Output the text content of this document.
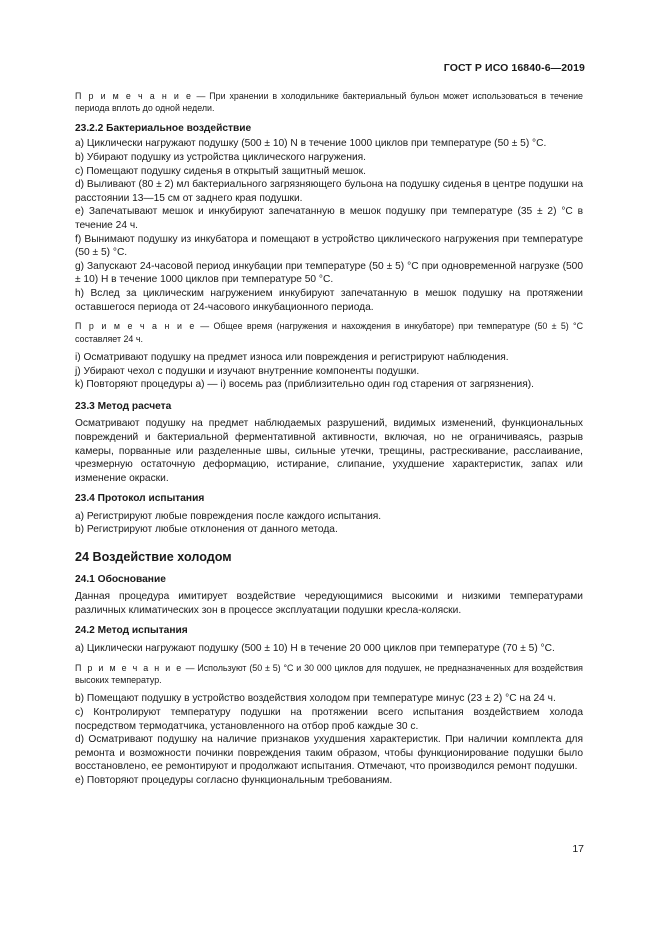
ГОСТ Р ИСО 16840-6—2019

П р и м е ч а н и е — При хранении в холодильнике бактериальный бульон может использоваться в течение периода вплоть до одной недели.

23.2.2 Бактериальное воздействие

а) Циклически нагружают подушку (500 ± 10) N в течение 1000 циклов при температуре (50 ± 5) °С.

b) Убирают подушку из устройства циклического нагружения.

c) Помещают подушку сиденья в открытый защитный мешок.

d) Выливают (80 ± 2) мл бактериального загрязняющего бульона на подушку сиденья в центре подушки на расстоянии 13—15 см от заднего края подушки.

e) Запечатывают мешок и инкубируют запечатанную в мешок подушку при температуре (35 ± 2) °С в течение 24 ч.

f) Вынимают подушку из инкубатора и помещают в устройство циклического нагружения при температуре (50 ± 5) °С.

g) Запускают 24-часовой период инкубации при температуре (50 ± 5) °С при одновременной нагрузке (500 ± 10) Н в течение 1000 циклов при температуре 50 °С.

h) Вслед за циклическим нагружением инкубируют запечатанную в мешок подушку на протяжении оставшегося периода от 24-часового инкубационного периода.

П р и м е ч а н и е — Общее время (нагружения и нахождения в инкубаторе) при температуре (50 ± 5) °С составляет 24 ч.

i) Осматривают подушку на предмет износа или повреждения и регистрируют наблюдения.

j) Убирают чехол с подушки и изучают внутренние компоненты подушки.

k) Повторяют процедуры а) — i) восемь раз (приблизительно один год старения от загрязнения).

23.3 Метод расчета

Осматривают подушку на предмет наблюдаемых разрушений, видимых изменений, функциональных повреждений и бактериальной ферментативной активности, включая, но не ограничиваясь, разрыв камеры, порванные или разделенные швы, сильные утечки, трещины, растрескивание, расслаивание, чрезмерную остаточную деформацию, истирание, слипание, ухудшение характеристик, запах или изменение окраски.

23.4 Протокол испытания

а) Регистрируют любые повреждения после каждого испытания.

b) Регистрируют любые отклонения от данного метода.

24 Воздействие холодом

24.1 Обоснование

Данная процедура имитирует воздействие чередующимися высокими и низкими температурами различных климатических зон в процессе эксплуатации подушки кресла-коляски.

24.2 Метод испытания

а) Циклически нагружают подушку (500 ± 10) Н в течение 20 000 циклов при температуре (70 ± 5) °С.

П р и м е ч а н и е — Используют (50 ± 5) °С и 30 000 циклов для подушек, не предназначенных для воздействия высоких температур.

b) Помещают подушку в устройство воздействия холодом при температуре минус (23 ± 2) °С на 24 ч.

c) Контролируют температуру подушки на протяжении всего испытания воздействием холода посредством термодатчика, установленного на отбор проб каждые 30 с.

d) Осматривают подушку на наличие признаков ухудшения характеристик. При наличии комплекта для ремонта и возможности починки повреждения таким образом, чтобы функционирование подушки было восстановлено, ее ремонтируют и продолжают испытания. Отмечают, что производился ремонт подушки.

e) Повторяют процедуры согласно функциональным требованиям.

17
